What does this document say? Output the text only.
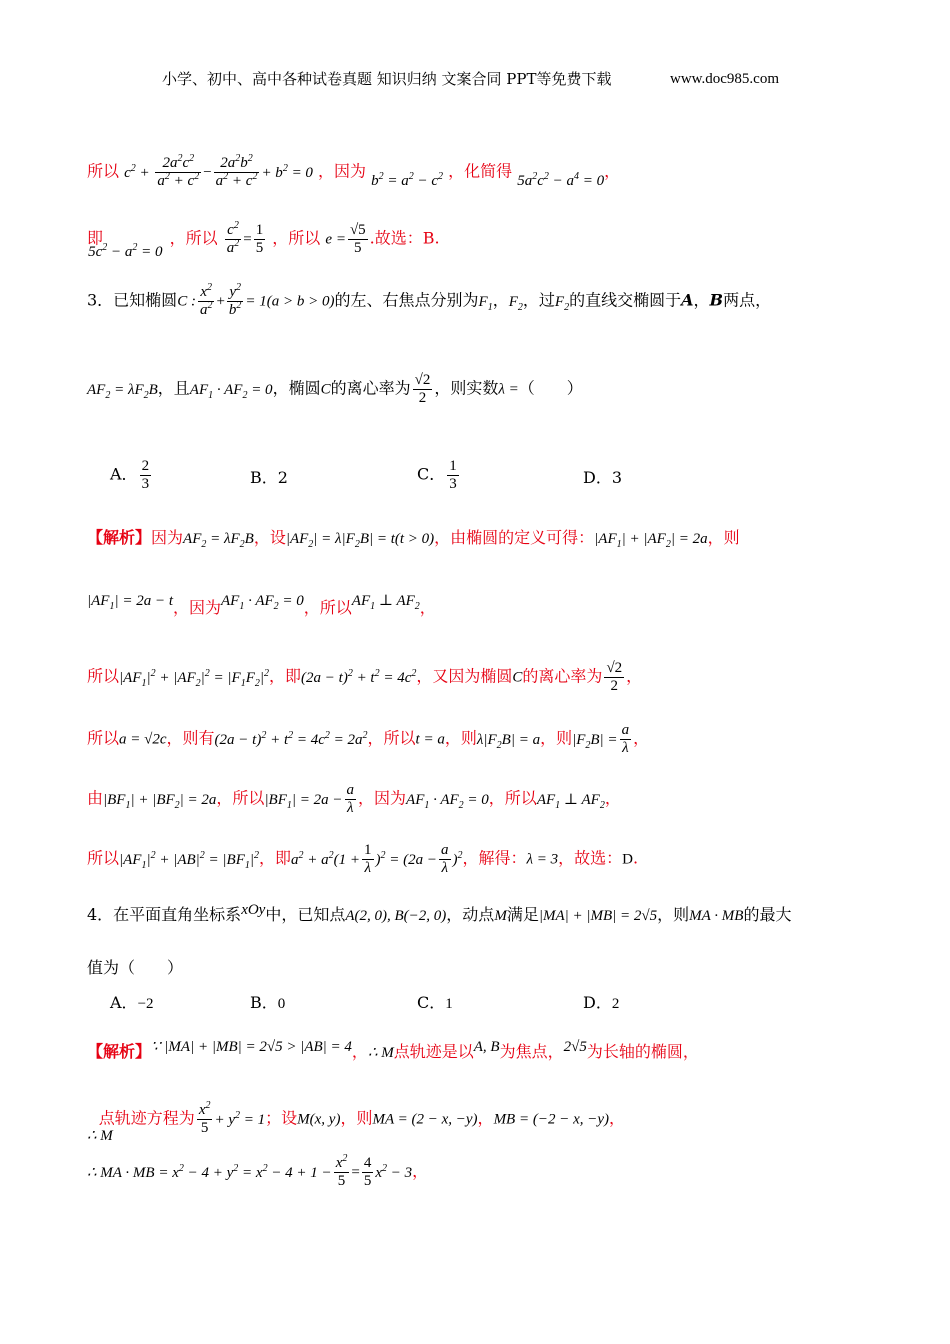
小学、初中、高中各种试卷真题 知识归纳 文案合同 PPT等免费下载	www.doc985.com
所以 $c^2 + \frac{2a^2c^2}{a^2 + c^2} - \frac{2a^2b^2}{a^2 + c^2} + b^2 = 0$ ，因为 $b^2 = a^2 - c^2$ ，化简得 $5a^2c^2 - a^4 = 0$，
即 $5c^2 - a^2 = 0$ ，所以 $\frac{c^2}{a^2} = \frac{1}{5}$ ，所以 $e = \frac{√5}{5}$ .故选：B.
3．已知椭圆C : $\frac{x^2}{a^2} + \frac{y^2}{b^2} = 1(a > b > 0)$的左、右焦点分别为$F_1$，$F_2$，过$F_2$的直线交椭圆于A，B两点，
$AF_2 = \lambda F_2B$，且$AF_1 \cdot AF_2 = 0$，椭圆C的离心率为 $\frac{√2}{2}$ ，则实数λ =（　　）
A． $\frac{2}{3}$	B．2	C． $\frac{1}{3}$	D．3
【解析】因为$AF_2 = \lambda F_2B$，设$|AF_2| = \lambda|F_2B| = t(t > 0)$，由椭圆的定义可得：$|AF_1| + |AF_2| = 2a$，则
$|AF_1| = 2a - t$，因为$AF_1 \cdot AF_2 = 0$，所以$AF_1$ ⊥ $AF_2$，
所以$|AF_1|^2 + |AF_2|^2 = |F_1F_2|^2$，即$(2a - t)^2 + t^2 = 4c^2$，又因为椭圆C的离心率为 $\frac{√2}{2}$ ，
所以a = √2c，则有$(2a - t)^2 + t^2 = 4c^2 = 2a^2$，所以t = a，则$\lambda|F_2B| = a$，则$|F_2B| = \frac{a}{\lambda}$ ，
由$|BF_1| + |BF_2| = 2a$，所以$|BF_1| = 2a - \frac{a}{\lambda}$ ，因为$AF_1 \cdot AF_2 = 0$，所以$AF_1$ ⊥ $AF_2$，
所以$|AF_1|^2 + |AB|^2 = |BF_1|^2$，即$a^2 + a^2(1 + \frac{1}{\lambda} )^2 = (2a - \frac{a}{\lambda} )^2$，解得：λ = 3，故选：D.
4．在平面直角坐标系xOy中，已知点A(2, 0), B(−2, 0)，动点M满足|MA| + |MB| = 2√5，则MA · MB的最大
值为（　　）
A．−2	B．0	C．1	D．2
【解析】∵ |MA| + |MB| = 2√5 > |AB| = 4，∴ M点轨迹是以A, B为焦点，2√5为长轴的椭圆，
∴ M点轨迹方程为 $\frac{x^2}{5} + y^2 = 1$；设M(x, y)，则MA = (2 − x, −y)，MB = (−2 − x, −y)，
∴ MA · MB = $x^2 - 4 + y^2 = x^2 - 4 + 1 - \frac{x^2}{5} = \frac{4}{5} x^2 - 3$，
